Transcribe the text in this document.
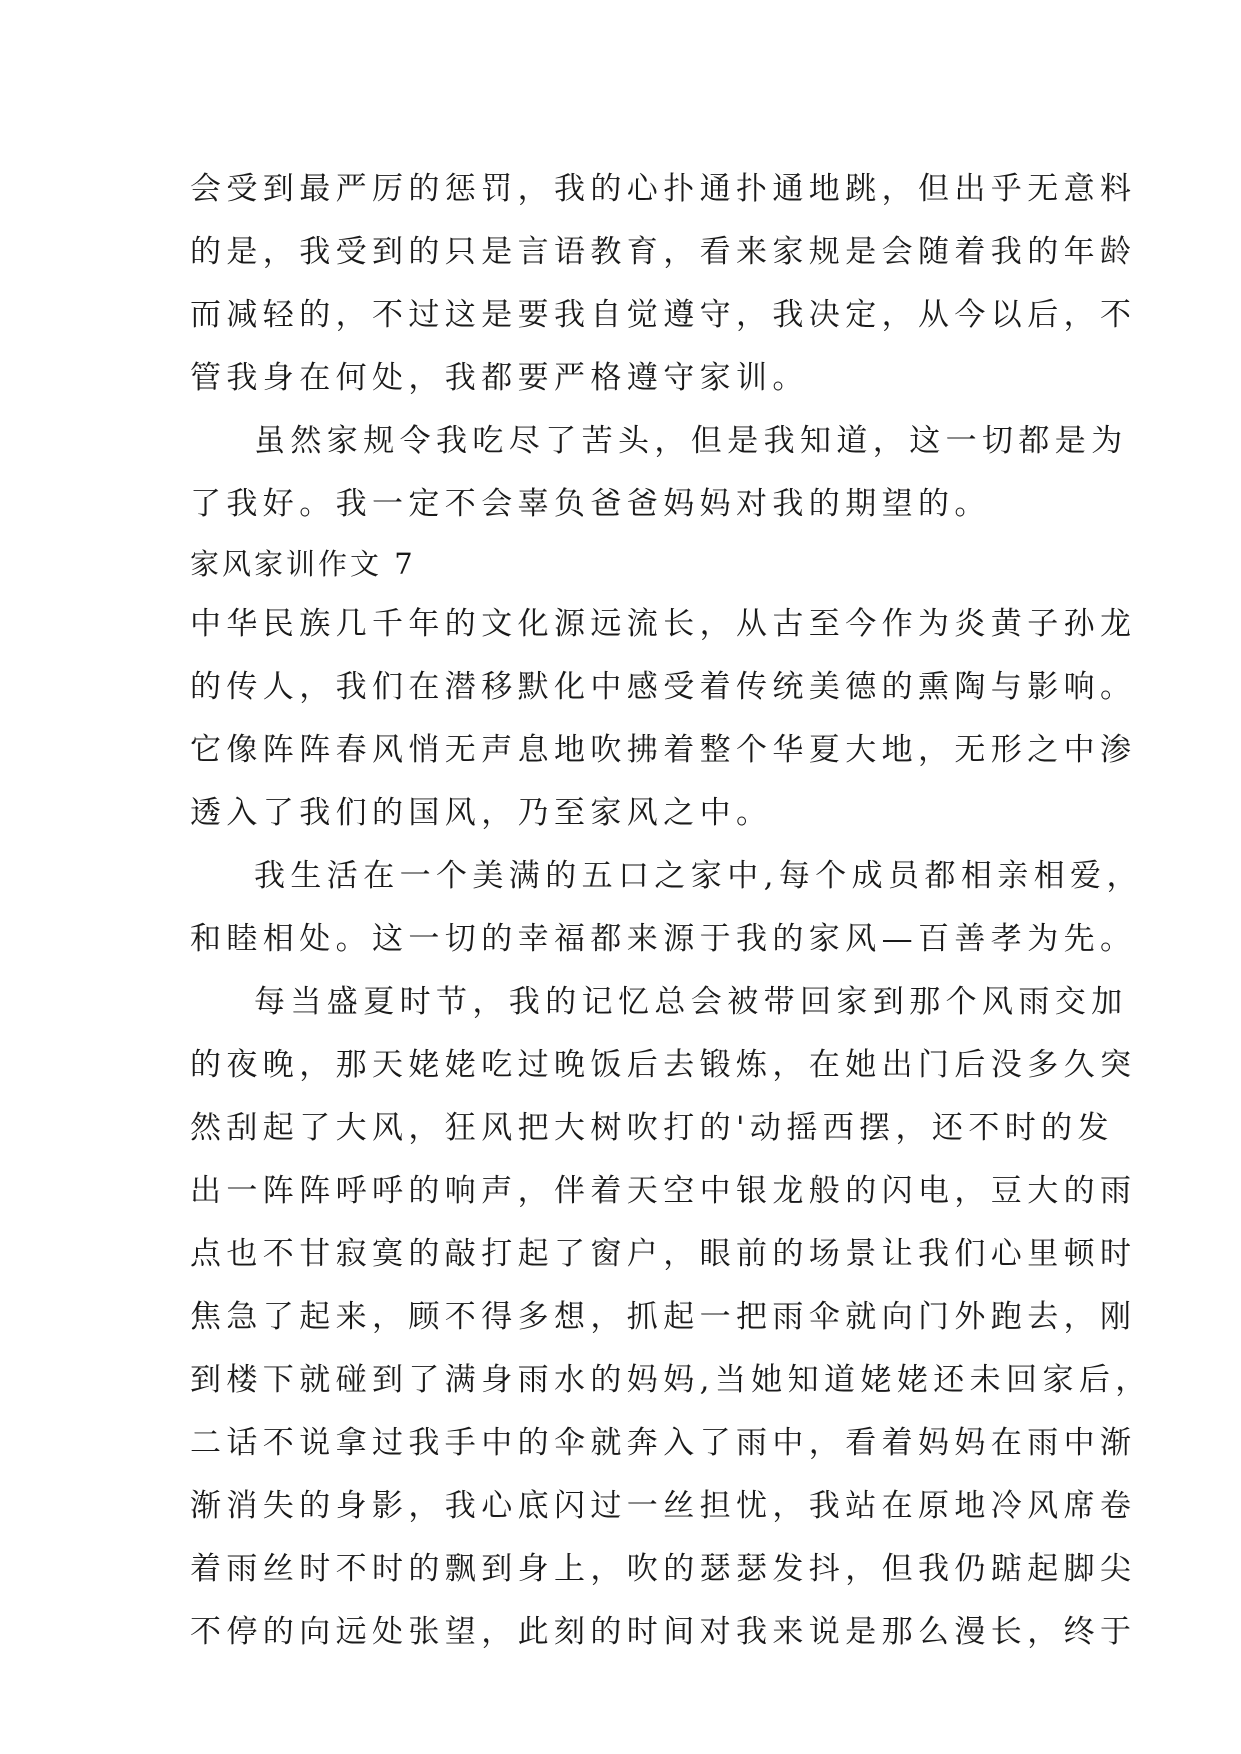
会受到最严厉的惩罚，我的心扑通扑通地跳，但出乎无意料
的是，我受到的只是言语教育，看来家规是会随着我的年龄
而减轻的，不过这是要我自觉遵守，我决定，从今以后，不
管我身在何处，我都要严格遵守家训。
虽然家规令我吃尽了苦头，但是我知道，这一切都是为
了我好。我一定不会辜负爸爸妈妈对我的期望的。
家风家训作文 7
中华民族几千年的文化源远流长，从古至今作为炎黄子孙龙
的传人，我们在潜移默化中感受着传统美德的熏陶与影响。
它像阵阵春风悄无声息地吹拂着整个华夏大地，无形之中渗
透入了我们的国风，乃至家风之中。
我生活在一个美满的五口之家中,每个成员都相亲相爱，
和睦相处。这一切的幸福都来源于我的家风—百善孝为先。
每当盛夏时节，我的记忆总会被带回家到那个风雨交加
的夜晚，那天姥姥吃过晚饭后去锻炼，在她出门后没多久突
然刮起了大风，狂风把大树吹打的'动摇西摆，还不时的发
出一阵阵呼呼的响声，伴着天空中银龙般的闪电，豆大的雨
点也不甘寂寞的敲打起了窗户，眼前的场景让我们心里顿时
焦急了起来，顾不得多想，抓起一把雨伞就向门外跑去，刚
到楼下就碰到了满身雨水的妈妈,当她知道姥姥还未回家后，
二话不说拿过我手中的伞就奔入了雨中，看着妈妈在雨中渐
渐消失的身影，我心底闪过一丝担忧，我站在原地冷风席卷
着雨丝时不时的飘到身上，吹的瑟瑟发抖，但我仍踮起脚尖
不停的向远处张望，此刻的时间对我来说是那么漫长，终于
